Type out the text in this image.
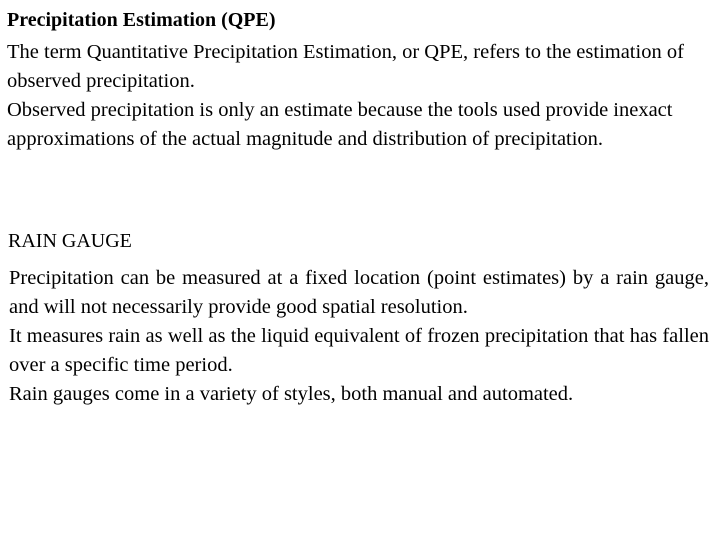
Precipitation Estimation (QPE)

The term Quantitative Precipitation Estimation, or QPE, refers to the estimation of observed precipitation.

Observed precipitation is only an estimate because the tools used provide inexact approximations of the actual magnitude and distribution of precipitation.

RAIN GAUGE

Precipitation can be measured at a fixed location (point estimates) by a rain gauge, and will not necessarily provide good spatial resolution.

It measures rain as well as the liquid equivalent of frozen precipitation that has fallen over a specific time period.

Rain gauges come in a variety of styles, both manual and automated.
